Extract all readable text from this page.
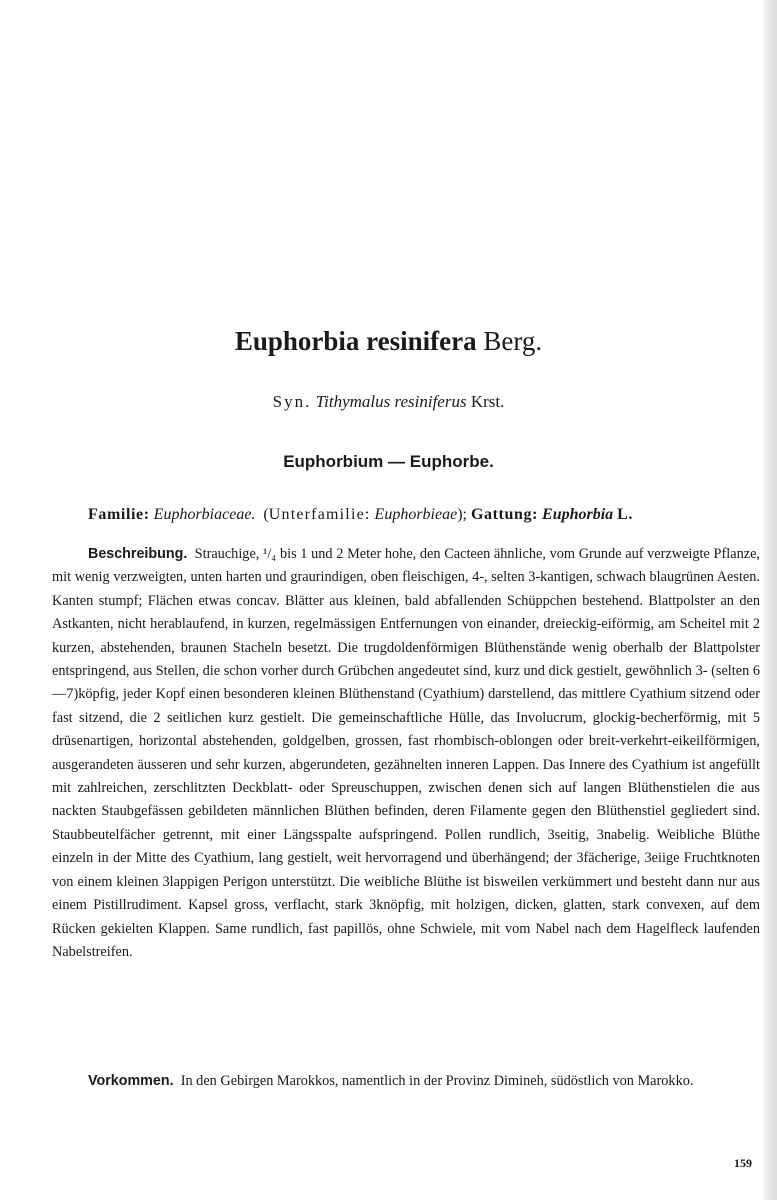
Euphorbia resinifera Berg.
Syn. Tithymalus resiniferus Krst.
Euphorbium — Euphorbe.
Familie: Euphorbiaceae. (Unterfamilie: Euphorbieae); Gattung: Euphorbia L.

Beschreibung. Strauchige, ¹/₄ bis 1 und 2 Meter hohe, den Cacteen ähnliche, vom Grunde auf verzweigte Pflanze, mit wenig verzweigten, unten harten und graurindigen, oben fleischigen, 4-, selten 3-kantigen, schwach blaugrünen Aesten. Kanten stumpf; Flächen etwas concav. Blätter aus kleinen, bald abfallenden Schüppchen bestehend. Blattpolster an den Astkanten, nicht herablaufend, in kurzen, regelmässigen Entfernungen von einander, dreieckig-eiförmig, am Scheitel mit 2 kurzen, abstehenden, braunen Stacheln besetzt. Die trugdoldenförmigen Blüthenstände wenig oberhalb der Blattpolster entspringend, aus Stellen, die schon vorher durch Grübchen angedeutet sind, kurz und dick gestielt, gewöhnlich 3- (selten 6—7)köpfig, jeder Kopf einen besonderen kleinen Blüthenstand (Cyathium) darstellend, das mittlere Cyathium sitzend oder fast sitzend, die 2 seitlichen kurz gestielt. Die gemeinschaftliche Hülle, das Involucrum, glockig-becherförmig, mit 5 drüsenartigen, horizontal abstehenden, goldgelben, grossen, fast rhombisch-oblongen oder breit-verkehrt-eikeilförmigen, ausgerandeten äusseren und sehr kurzen, abgerundeten, gezähnelten inneren Lappen. Das Innere des Cyathium ist angefüllt mit zahlreichen, zerschlitzten Deckblatt- oder Spreuschuppen, zwischen denen sich auf langen Blüthenstielen die aus nackten Staubgefässen gebildeten männlichen Blüthen befinden, deren Filamente gegen den Blüthenstiel gegliedert sind. Staubbeutelfächer getrennt, mit einer Längsspalte aufspringend. Pollen rundlich, 3seitig, 3nabelig. Weibliche Blüthe einzeln in der Mitte des Cyathium, lang gestielt, weit hervorragend und überhängend; der 3fächerige, 3eiige Fruchtknoten von einem kleinen 3lappigen Perigon unterstützt. Die weibliche Blüthe ist bisweilen verkümmert und besteht dann nur aus einem Pistillrudiment. Kapsel gross, verflacht, stark 3knöpfig, mit holzigen, dicken, glatten, stark convexen, auf dem Rücken gekielten Klappen. Same rundlich, fast papillös, ohne Schwiele, mit vom Nabel nach dem Hagelfleck laufenden Nabelstreifen.

Vorkommen. In den Gebirgen Marokkos, namentlich in der Provinz Dimineh, südöstlich von Marokko.

159
